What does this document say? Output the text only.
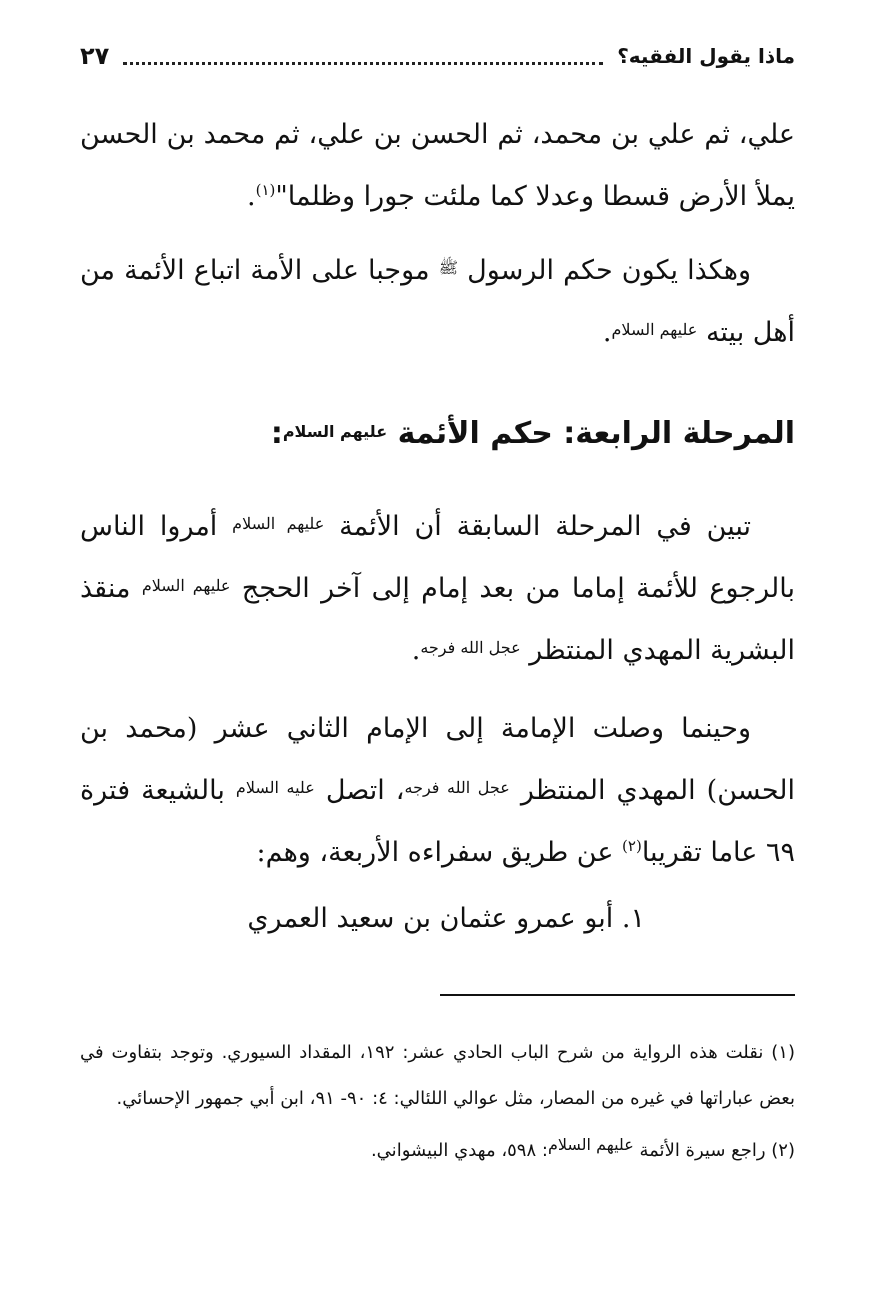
ماذا يقول الفقيه؟
٢٧

علي، ثم علي بن محمد، ثم الحسن بن علي، ثم محمد بن الحسن يملأ الأرض قسطا وعدلا كما ملئت جورا وظلما"$^{(١)}$.

وهكذا يكون حكم الرسول $^ﷺ$ موجبا على الأمة اتباع الأئمة من أهل بيته $^{عليهم السلام}$.

المرحلة الرابعة: حكم الأئمة $^{عليهم السلام}$:

تبين في المرحلة السابقة أن الأئمة $^{عليهم السلام}$ أمروا الناس بالرجوع للأئمة إماما من بعد إمام إلى آخر الحجج $^{عليهم السلام}$ منقذ البشرية المهدي المنتظر $^{عجل الله فرجه}$.

وحينما وصلت الإمامة إلى الإمام الثاني عشر (محمد بن الحسن) المهدي المنتظر $^{عجل الله فرجه}$، اتصل $^{عليه السلام}$ بالشيعة فترة ٦٩ عاما تقريبا$^{(٢)}$ عن طريق سفراءه الأربعة، وهم:

١. أبو عمرو عثمان بن سعيد العمري

(١) نقلت هذه الرواية من شرح الباب الحادي عشر: ١٩٢، المقداد السيوري. وتوجد بتفاوت في بعض عباراتها في غيره من المصار، مثل عوالي اللئالي: ٤: ٩٠- ٩١، ابن أبي جمهور الإحسائي.

(٢) راجع سيرة الأئمة عليهم السلام: ٥٩٨، مهدي البيشواني.
